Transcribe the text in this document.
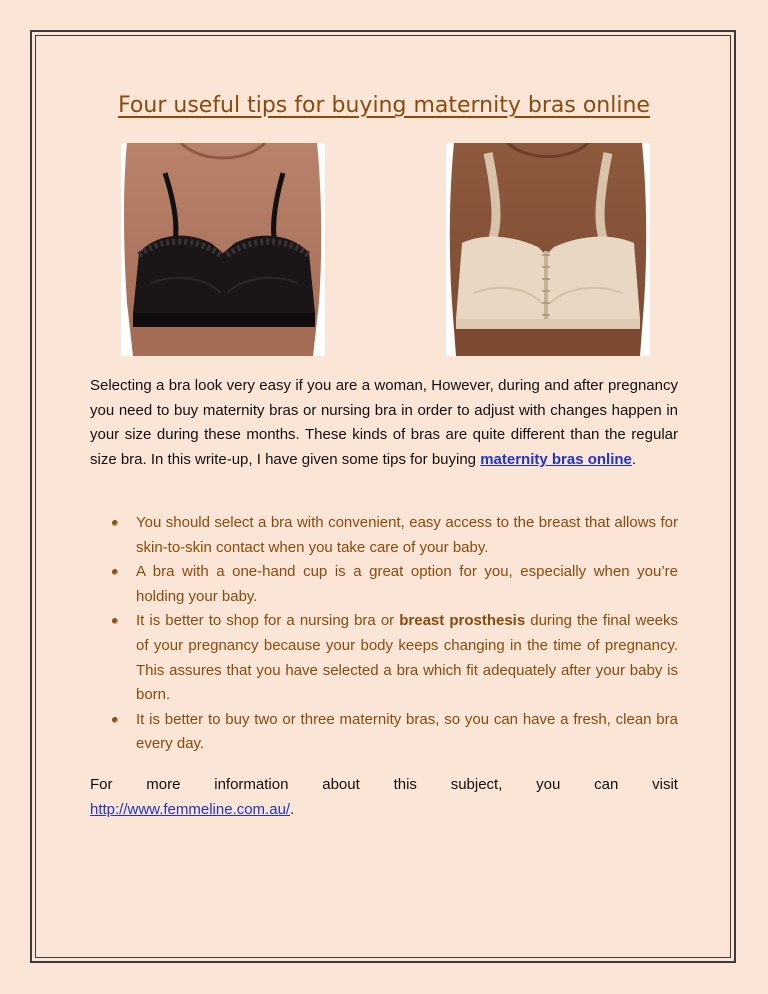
Four useful tips for buying maternity bras online

Selecting a bra look very easy if you are a woman, However, during and after pregnancy you need to buy maternity bras or nursing bra in order to adjust with changes happen in your size during these months. These kinds of bras are quite different than the regular size bra. In this write-up, I have given some tips for buying maternity bras online.

You should select a bra with convenient, easy access to the breast that allows for skin-to-skin contact when you take care of your baby.
A bra with a one-hand cup is a great option for you, especially when you’re holding your baby.
It is better to shop for a nursing bra or breast prosthesis during the final weeks of your pregnancy because your body keeps changing in the time of pregnancy. This assures that you have selected a bra which fit adequately after your baby is born.
It is better to buy two or three maternity bras, so you can have a fresh, clean bra every day.
For more information about this subject, you can visit
http://www.femmeline.com.au/.
